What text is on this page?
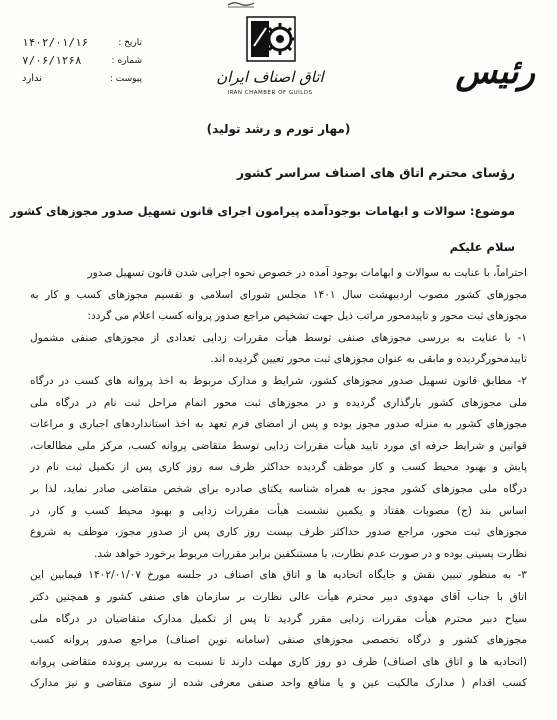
اتاق اصناف ایران
IRAN CHAMBER OF GUILDS
رئیس
تاریخ :
۱۴۰۲/۰۱/۱۶
شماره :
۷/۰۶/۱۲۶۸
پیوست :
ندارد
(مهار تورم و رشد تولید)
رؤسای محترم اتاق های اصناف سراسر کشور
موضوع: سوالات و ابهامات بوجودآمده پیرامون اجرای قانون تسهیل صدور مجوزهای کشور
سلام علیکم
احتراماً، با عنایت به سوالات و ابهامات بوجود آمده در خصوص نحوه اجرایی شدن قانون تسهیل صدور
مجوزهای کشور مصوب اردیبهشت سال ۱۴۰۱ مجلس شورای اسلامی و تقسیم مجوزهای کسب و کار به
مجوزهای ثبت محور و تاییدمحور مراتب ذیل جهت تشخیص مراجع صدور پروانه کسب اعلام می گردد:
۱- با عنایت به بررسی مجوزهای صنفی توسط هیأت مقررات زدایی تعدادی از مجوزهای صنفی مشمول
تاییدمحورگردیده و مابقی به عنوان مجوزهای ثبت محور تعیین گردیده اند.
۲- مطابق قانون تسهیل صدور مجوزهای کشور، شرایط و مدارک مربوط به اخذ پروانه های کسب در درگاه
ملی مجوزهای کشور بارگذاری گردیده و در مجوزهای ثبت محور اتمام مراحل ثبت نام در درگاه ملی
مجوزهای کشور به منزله صدور مجوز بوده و پس از امضای فرم تعهد به اخذ استانداردهای اجباری و مراعات
قوانین و شرایط حرفه ای مورد تایید هیأت مقررات زدایی توسط متقاضی پروانه کسب، مرکز ملی مطالعات،
پایش و بهبود محیط کسب و کار موظف گردیده حداکثر ظرف سه روز کاری پس از تکمیل ثبت نام در
درگاه ملی مجوزهای کشور مجوز به همراه شناسه یکتای صادره برای شخص متقاضی صادر نماید، لذا بر
اساس بند (ج) مصوبات هفتاد و یکمین نشست هیأت مقررات زدایی و بهبود محیط کسب و کار، در
مجوزهای ثبت محور، مراجع صدور حداکثر ظرف بیست روز کاری پس از صدور مجوز، موظف به شروع
نظارت پسینی بوده و در صورت عدم نظارت، با مستنکفین برابر مقررات مربوط برخورد خواهد شد.
۳- به منظور تبیین نقش و جایگاه اتحادیه ها و اتاق های اصناف در جلسه مورخ ۱۴۰۲/۰۱/۰۷ فیمابین این
اتاق با جناب آقای مهدوی دبیر محترم هیأت عالی نظارت بر سازمان های صنفی کشور و همچنین دکتر
سیاح دبیر محترم هیأت مقررات زدایی مقرر گردید تا پس از تکمیل مدارک متقاضیان در درگاه ملی
مجوزهای کشور و درگاه تخصصی مجوزهای صنفی (سامانه نوین اصناف) مراجع صدور پروانه کسب
(اتحادیه ها و اتاق های اصناف) ظرف دو روز کاری مهلت دارند تا نسبت به بررسی پرونده متقاضی پروانه
کسب اقدام ( مدارک مالکیت عین و یا منافع واحد صنفی معرفی شده از سوی متقاضی و نیز مدارک
